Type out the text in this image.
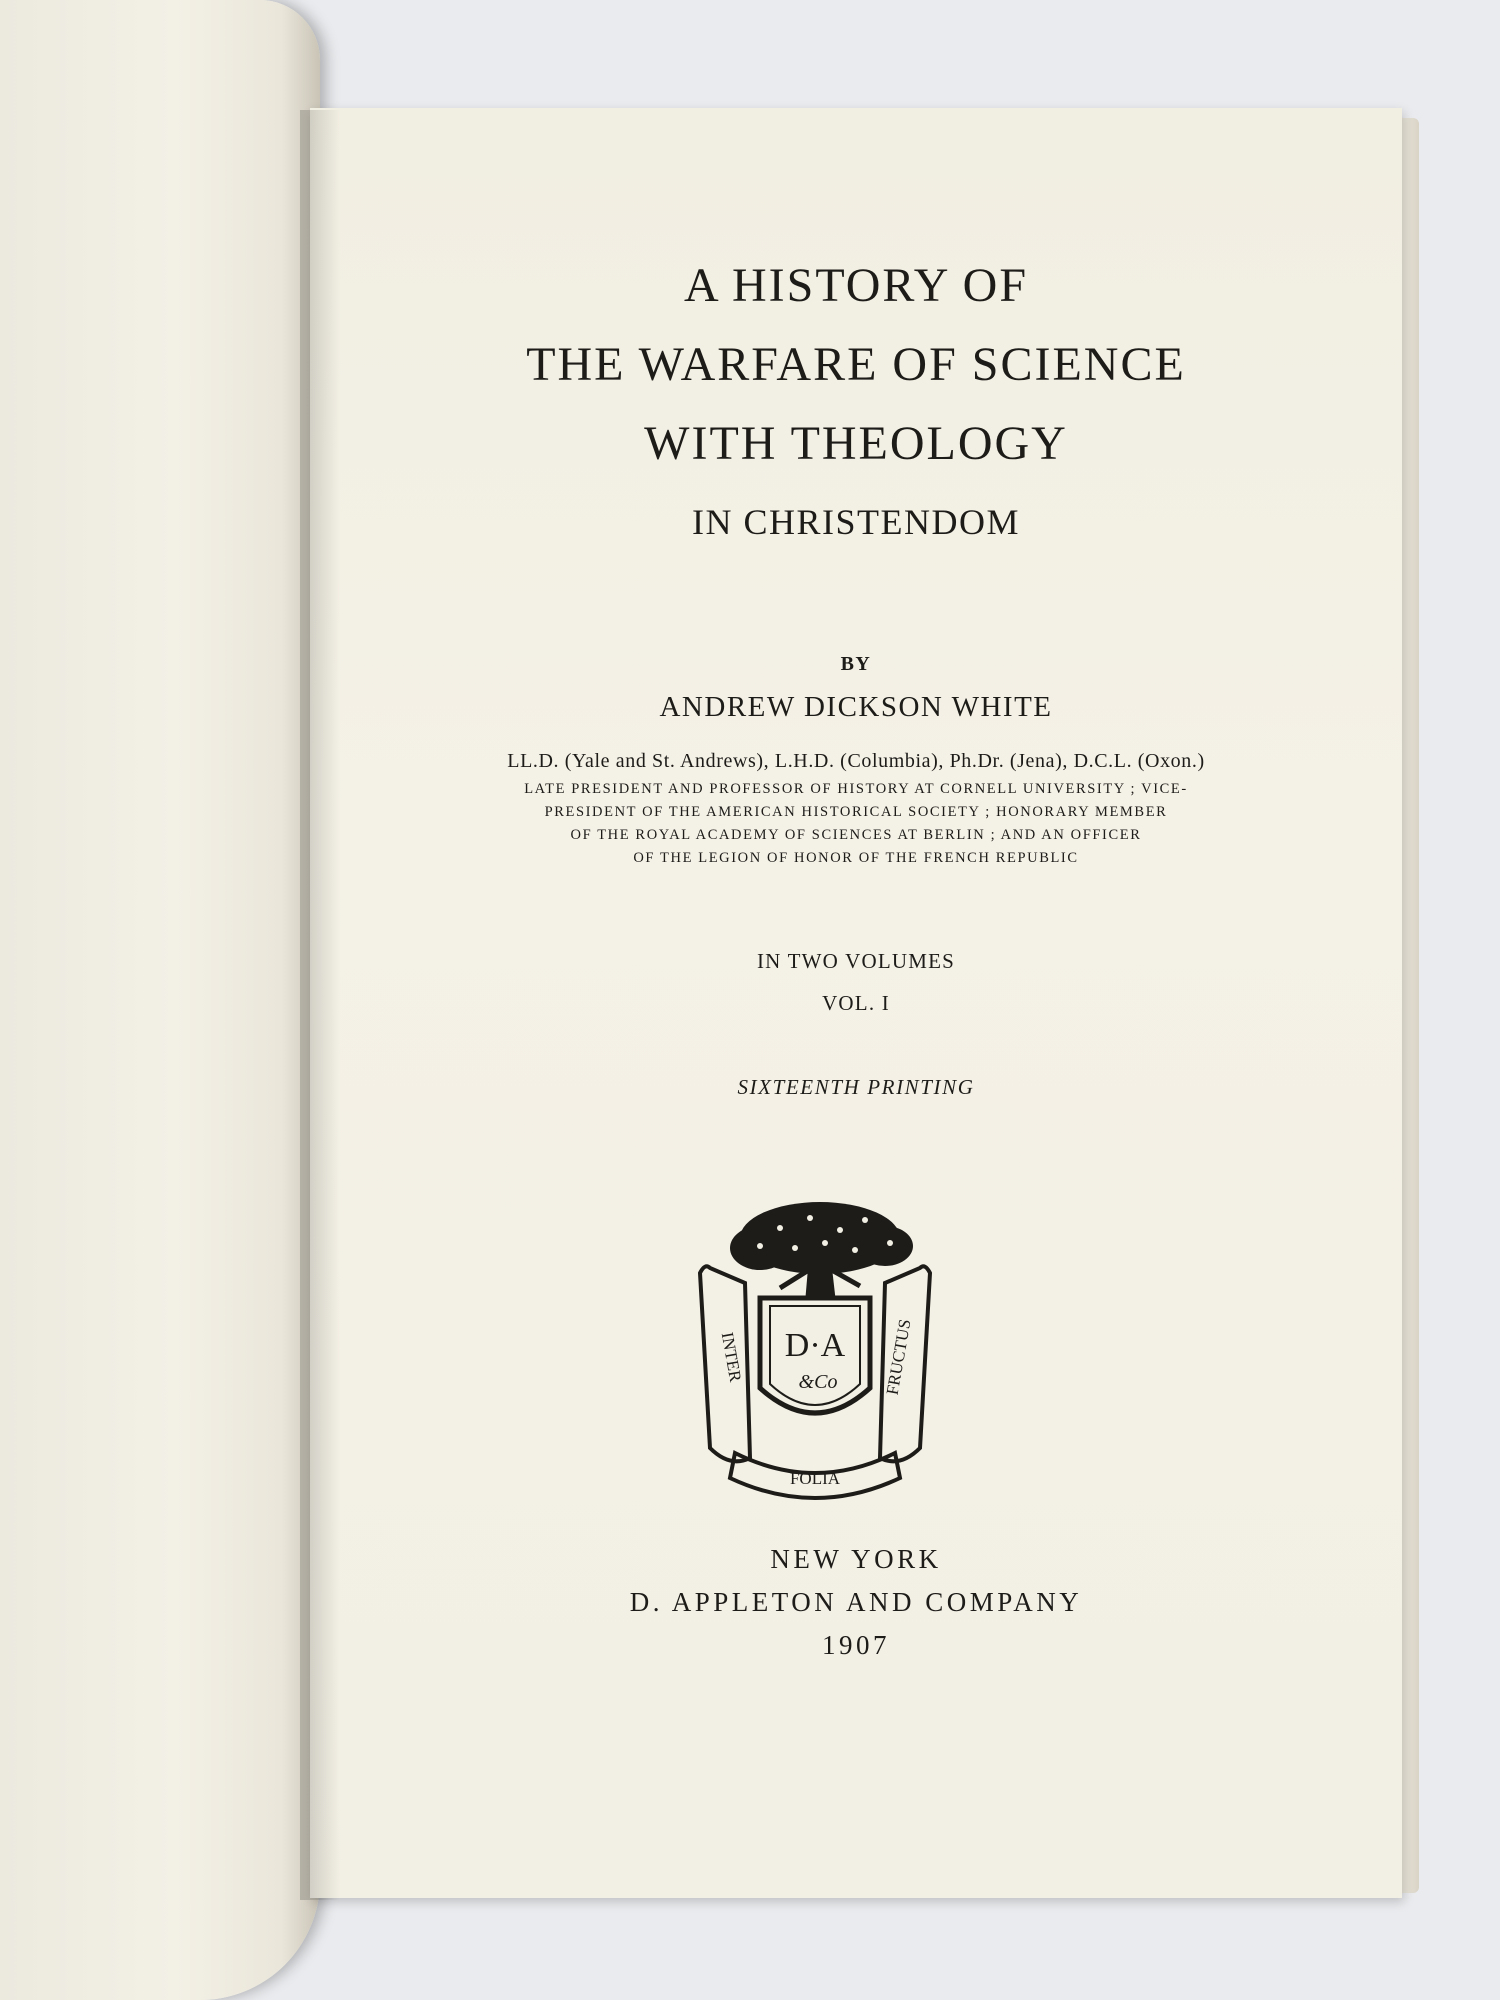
A HISTORY OF
THE WARFARE OF SCIENCE
WITH THEOLOGY
IN CHRISTENDOM
BY
ANDREW DICKSON WHITE
LL.D. (Yale and St. Andrews), L.H.D. (Columbia), Ph.Dr. (Jena), D.C.L. (Oxon.)
LATE PRESIDENT AND PROFESSOR OF HISTORY AT CORNELL UNIVERSITY ; VICE-
PRESIDENT OF THE AMERICAN HISTORICAL SOCIETY ; HONORARY MEMBER
OF THE ROYAL ACADEMY OF SCIENCES AT BERLIN ; AND AN OFFICER
OF THE LEGION OF HONOR OF THE FRENCH REPUBLIC
IN TWO VOLUMES
VOL. I
SIXTEENTH PRINTING
D·A
&Co
INTER	FRUCTUS
FOLIA
NEW YORK
D. APPLETON AND COMPANY
1907
